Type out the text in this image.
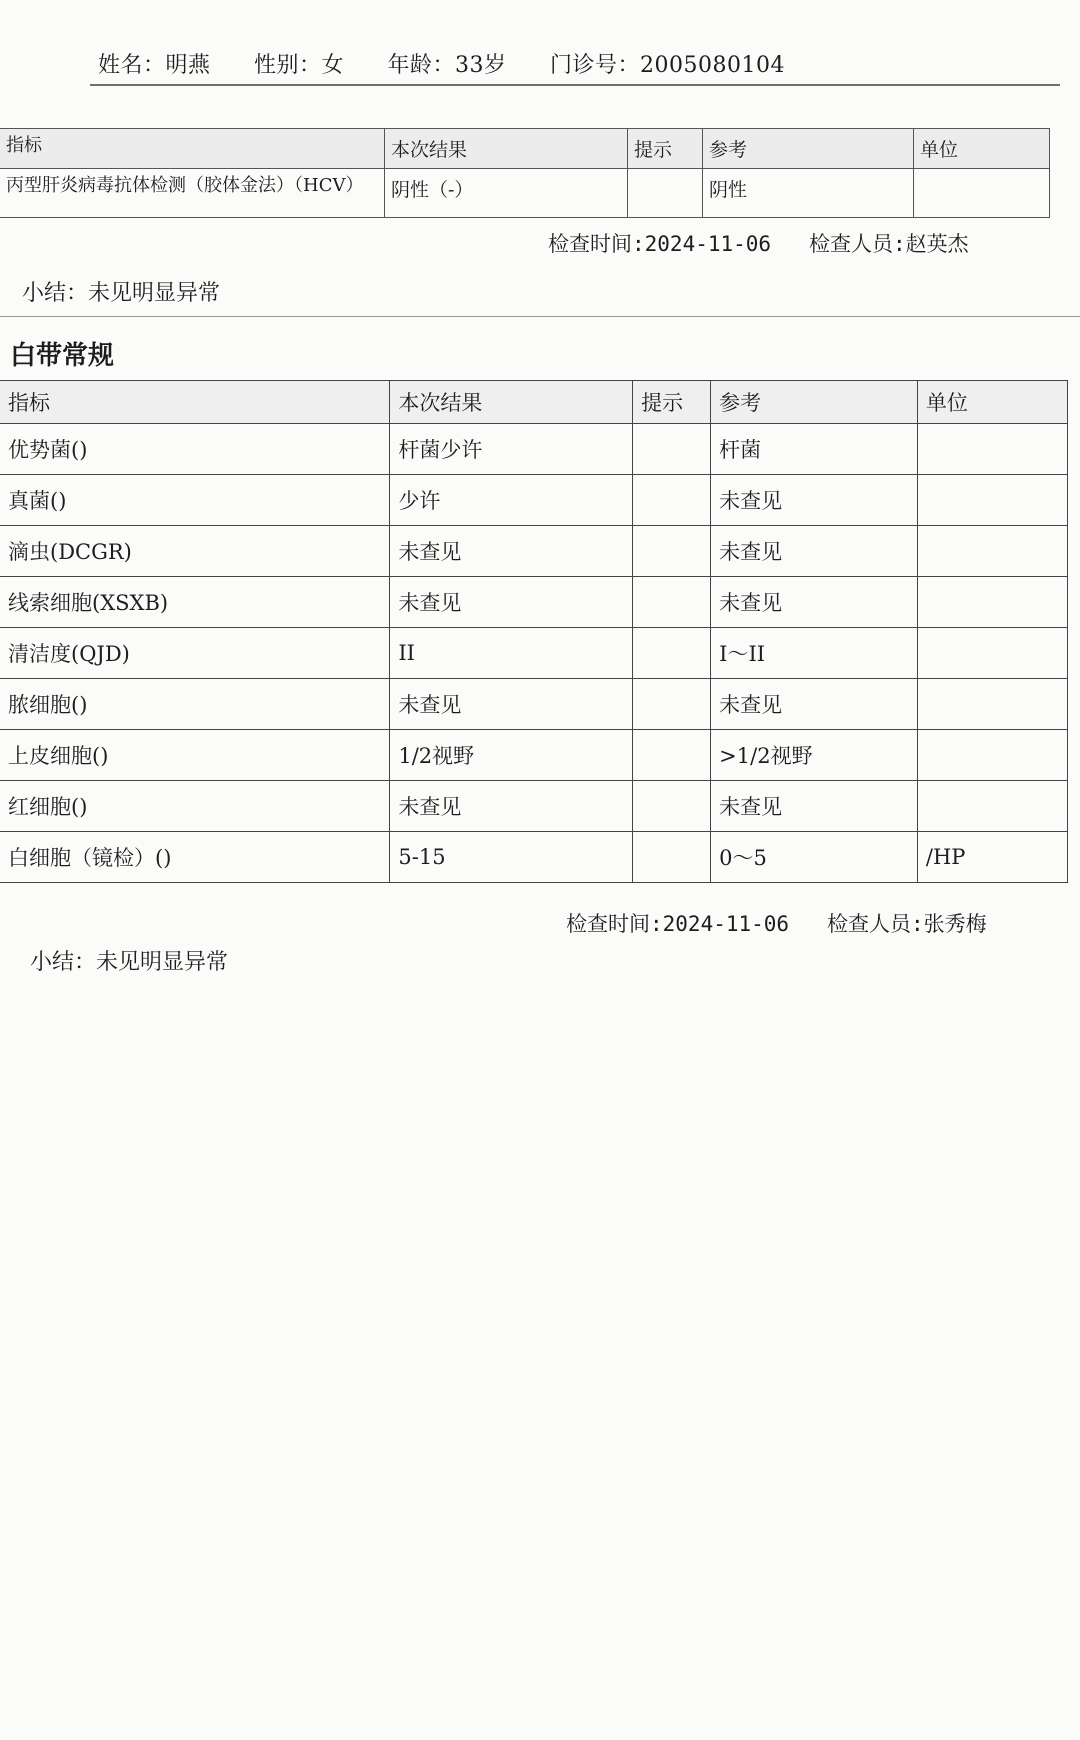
姓名：明燕 性别：女 年龄：33岁 门诊号：2005080104
指标	本次结果	提示	参考	单位
丙型肝炎病毒抗体检测（胶体金法）（HCV）	阴性（-）		阴性	
检查时间:2024-11-06 检查人员:赵英杰
小结：未见明显异常
白带常规
指标	本次结果	提示	参考	单位
优势菌()	杆菌少许		杆菌	
真菌()	少许		未查见	
滴虫(DCGR)	未查见		未查见	
线索细胞(XSXB)	未查见		未查见	
清洁度(QJD)	II		I～II	
脓细胞()	未查见		未查见	
上皮细胞()	1/2视野		>1/2视野	
红细胞()	未查见		未查见	
白细胞（镜检）()	5-15		0～5	/HP
检查时间:2024-11-06 检查人员:张秀梅
小结：未见明显异常
